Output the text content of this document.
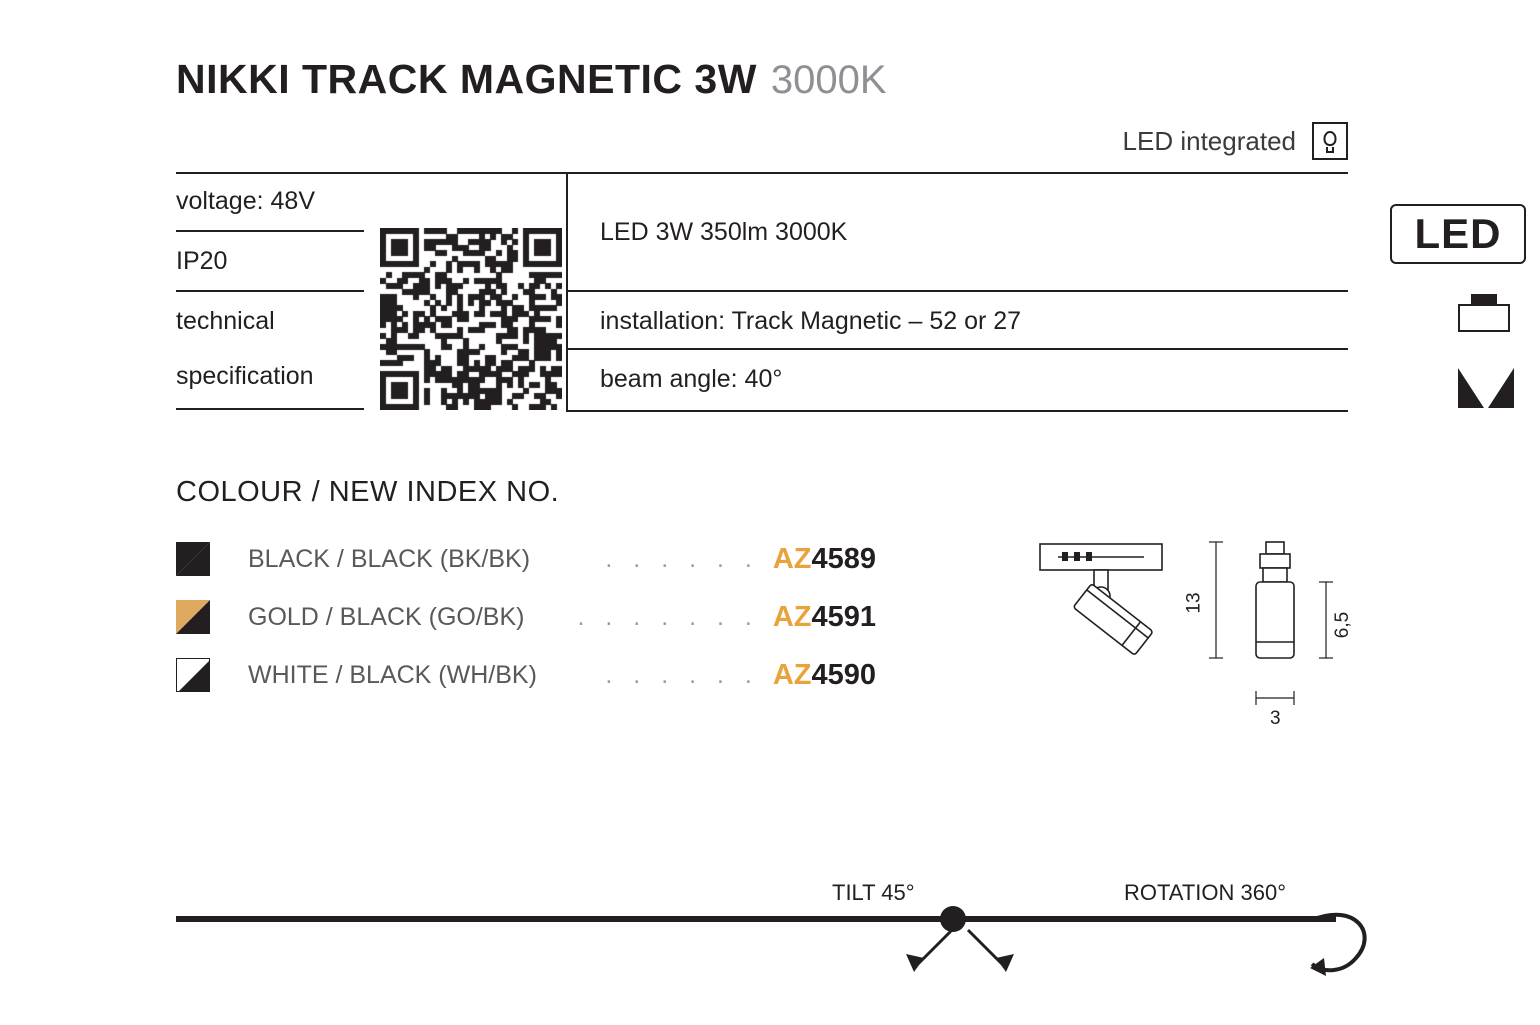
NIKKI TRACK MAGNETIC 3W 3000K
LED integrated
voltage: 48V
IP20
technical
specification
LED 3W 350lm 3000K
installation: Track Magnetic – 52 or 27
beam angle: 40°
LED
COLOUR / NEW INDEX NO.
BLACK / BLACK (BK/BK)	. . . . . . AZ4589
GOLD / BLACK (GO/BK)	. . . . . . . AZ4591
WHITE / BLACK (WH/BK)	. . . . . . AZ4590
13
6,5
3
TILT 45°	ROTATION 360°
